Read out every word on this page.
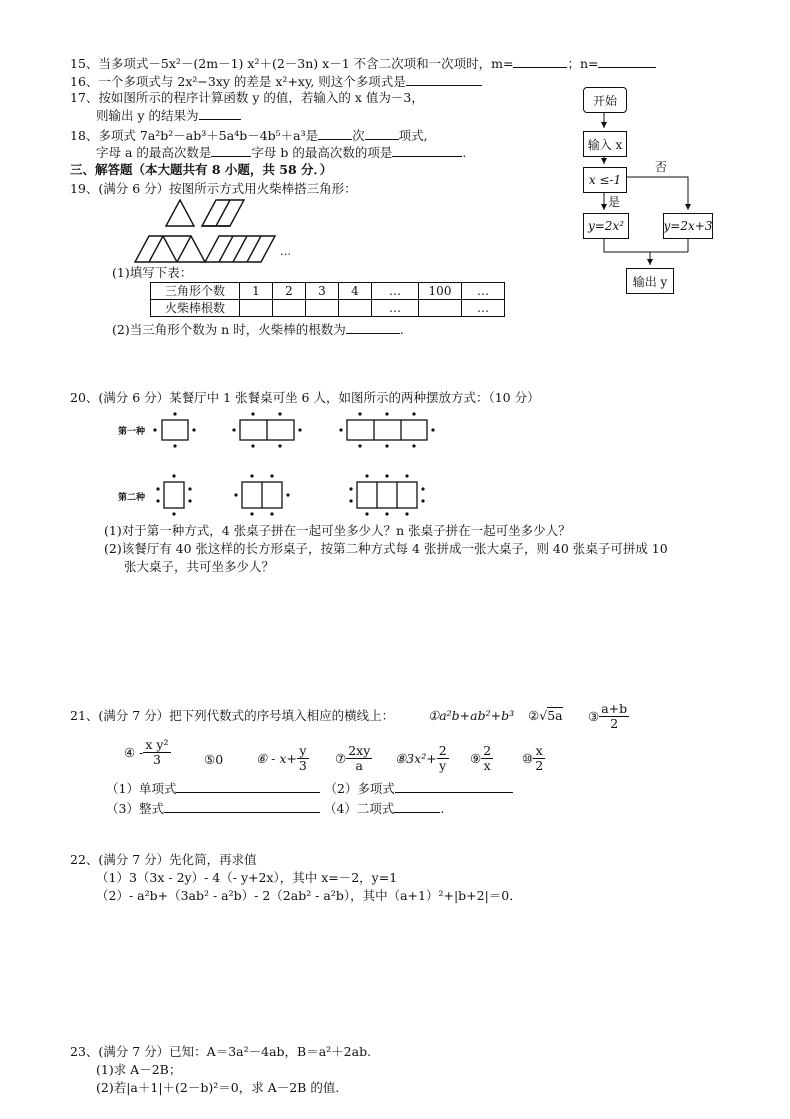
15、当多项式－5x²－(2m－1) x²＋(2－3n) x－1 不含二次项和一次项时，m=	；n=
16、一个多项式与 2x²−3xy 的差是 x²+xy, 则这个多项式是
17、按如图所示的程序计算函数 y 的值，若输入的 x 值为－3，
则输出 y 的结果为
18、多项式 7a²b²－ab³＋5a⁴b－4b⁵＋a³是	次	项式,
字母 a 的最高次数是	字母 b 的最高次数的项是	.
三、解答题（本大题共有 8 小题，共 58 分．）
开始
输入 x
x ≤-1
否
是
y=2x²	y=2x+3
输出 y
19、(满分 6 分）按图所示方式用火柴棒搭三角形：
…
(1)填写下表：
三角形个数	1	2	3	4	…	100	…
火柴棒根数					…		…
(2)当三角形个数为 n 时，火柴棒的根数为	.
20、(满分 6 分）某餐厅中 1 张餐桌可坐 6 人，如图所示的两种摆放方式：（10 分）
第一种
第二种
(1)对于第一种方式，4 张桌子拼在一起可坐多少人？n 张桌子拼在一起可坐多少人？
(2)该餐厅有 40 张这样的长方形桌子，按第二种方式每 4 张拼成一张大桌子，则 40 张桌子可拼成 10
张大桌子，共可坐多少人？
21、(满分 7 分）把下列代数式的序号填入相应的横线上：	①a²b+ab²+b³ ②√5a ③ $\frac{a+b}{2}$
④ - $\frac{\text{x y²}}{3}$	⑤0	⑥ - $x+ \frac{y}{3}$ ⑦ $\frac{2xy}{a}$ ⑧3x²+ $\frac{2}{y}$ ⑨ $\frac{2}{x}$ ⑩ $\frac{x}{2}$
（1）单项式	（2）多项式
（3）整式	（4）二项式	.
22、(满分 7 分）先化简，再求值
（1）3（3x - 2y）- 4（- y+2x），其中 x=－2，y=1
（2）- a²b+（3ab² - a²b）- 2（2ab² - a²b），其中（a+1）²+|b+2|＝0．
23、(满分 7 分）已知：A＝3a²－4ab，B＝a²＋2ab.
(1)求 A－2B；
(2)若|a＋1|＋(2－b)²＝0，求 A－2B 的值.
